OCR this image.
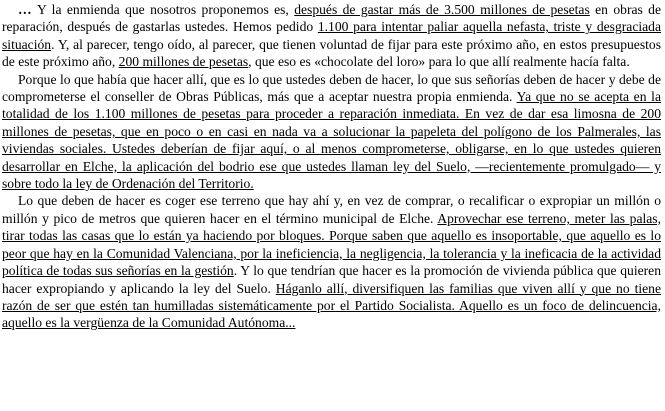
… Y la enmienda que nosotros proponemos es, después de gastar más de 3.500 millones de pesetas en obras de reparación, después de gastarlas ustedes. Hemos pedido 1.100 para intentar paliar aquella nefasta, triste y desgraciada situación. Y, al parecer, tengo oído, al parecer, que tienen voluntad de fijar para este próximo año, en estos presupuestos de este próximo año, 200 millones de pesetas, que eso es «chocolate del loro» para lo que allí realmente hacía falta.

Porque lo que había que hacer allí, que es lo que ustedes deben de hacer, lo que sus señorías deben de hacer y debe de comprometerse el conseller de Obras Públicas, más que a aceptar nuestra propia enmienda. Ya que no se acepta en la totalidad de los 1.100 millones de pesetas para proceder a reparación inmediata. En vez de dar esa limosna de 200 millones de pesetas, que en poco o en casi en nada va a solucionar la papeleta del polígono de los Palmerales, las viviendas sociales. Ustedes deberían de fijar aquí, o al menos comprometerse, obligarse, en lo que ustedes quieren desarrollar en Elche, la aplicación del bodrio ese que ustedes llaman ley del Suelo, —recientemente promulgado— y sobre todo la ley de Ordenación del Territorio.

Lo que deben de hacer es coger ese terreno que hay ahí y, en vez de comprar, o recalificar o expropiar un millón o millón y pico de metros que quieren hacer en el término municipal de Elche. Aprovechar ese terreno, meter las palas, tirar todas las casas que lo están ya haciendo por bloques. Porque saben que aquello es insoportable, que aquello es lo peor que hay en la Comunidad Valenciana, por la ineficiencia, la negligencia, la tolerancia y la ineficacia de la actividad política de todas sus señorías en la gestión. Y lo que tendrían que hacer es la promoción de vivienda pública que quieren hacer expropiando y aplicando la ley del Suelo. Háganlo allí, diversifiquen las familias que viven allí y que no tiene razón de ser que estén tan humilladas sistemáticamente por el Partido Socialista. Aquello es un foco de delincuencia, aquello es la vergüenza de la Comunidad Autónoma...
